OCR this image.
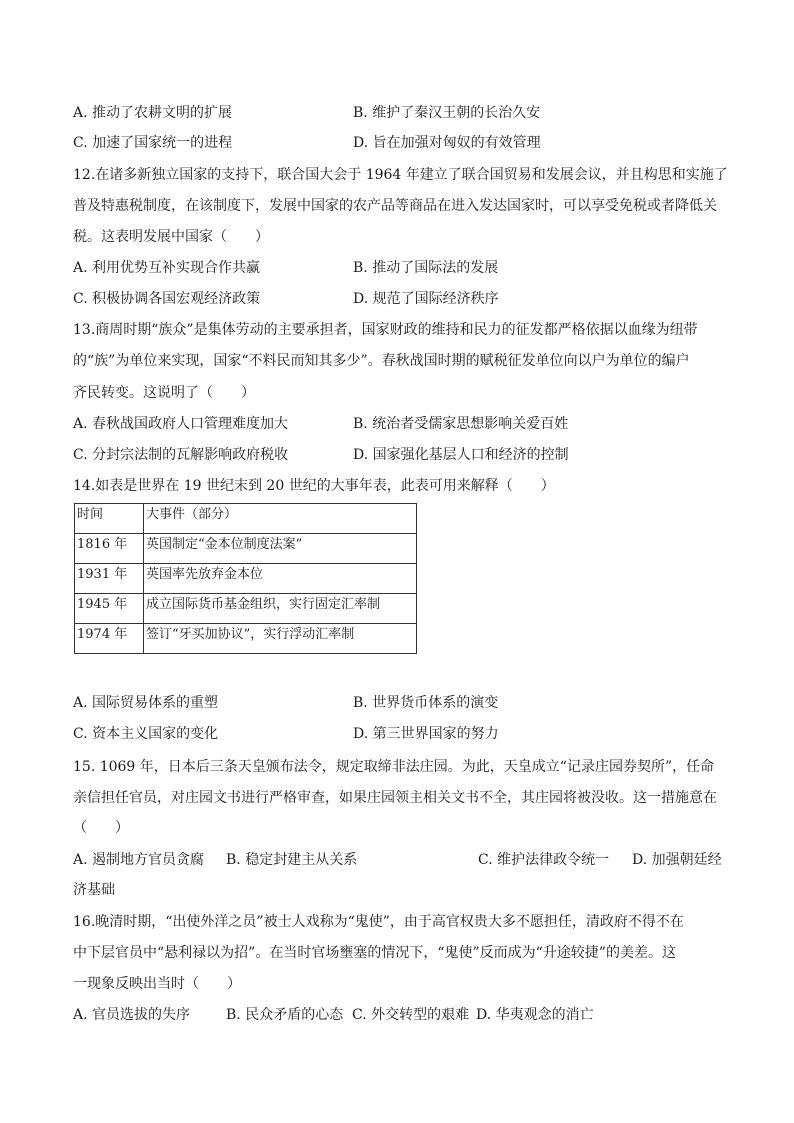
A. 推动了农耕文明的扩展	B. 维护了秦汉王朝的长治久安
C. 加速了国家统一的进程	D. 旨在加强对匈奴的有效管理
12.在诸多新独立国家的支持下，联合国大会于 1964 年建立了联合国贸易和发展会议，并且构思和实施了
普及特惠税制度，在该制度下，发展中国家的农产品等商品在进入发达国家时，可以享受免税或者降低关
税。这表明发展中国家（　　）
A. 利用优势互补实现合作共赢	B. 推动了国际法的发展
C. 积极协调各国宏观经济政策	D. 规范了国际经济秩序
13.商周时期“族众”是集体劳动的主要承担者，国家财政的维持和民力的征发都严格依据以血缘为纽带
的“族”为单位来实现，国家“不料民而知其多少”。春秋战国时期的赋税征发单位向以户为单位的编户
齐民转变。这说明了（　　）
A. 春秋战国政府人口管理难度加大	B. 统治者受儒家思想影响关爱百姓
C. 分封宗法制的瓦解影响政府税收	D. 国家强化基层人口和经济的控制
14.如表是世界在 19 世纪末到 20 世纪的大事年表，此表可用来解释（　　）
时间	大事件（部分）
1816 年	英国制定“金本位制度法案”
1931 年	英国率先放弃金本位
1945 年	成立国际货币基金组织，实行固定汇率制
1974 年	签订“牙买加协议”，实行浮动汇率制
A. 国际贸易体系的重塑	B. 世界货币体系的演变
C. 资本主义国家的变化	D. 第三世界国家的努力
15. 1069 年，日本后三条天皇颁布法令，规定取缔非法庄园。为此，天皇成立“记录庄园券契所”，任命
亲信担任官员，对庄园文书进行严格审查，如果庄园领主相关文书不全，其庄园将被没收。这一措施意在
（　　）
A. 遏制地方官员贪腐 B. 稳定封建主从关系	C. 维护法律政令统一 D. 加强朝廷经
济基础
16.晚清时期，“出使外洋之员”被士人戏称为“鬼使”，由于高官权贵大多不愿担任，清政府不得不在
中下层官员中“悬利禄以为招”。在当时官场壅塞的情况下，“鬼使”反而成为“升途较捷”的美差。这
一现象反映出当时（　　）
A. 官员选拔的失序	B. 民众矛盾的心态 C. 外交转型的艰难 D. 华夷观念的消亡
